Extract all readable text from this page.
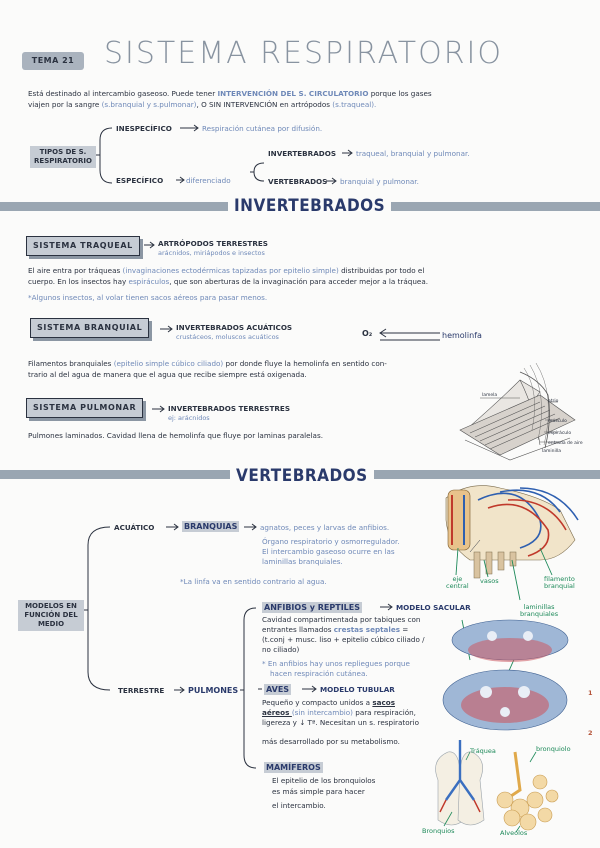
TEMA 21 SISTEMA RESPIRATORIO
Está destinado al intercambio gaseoso. Puede tener INTERVENCIÓN DEL S. CIRCULATORIO porque los gases
viajen por la sangre (s.branquial y s.pulmonar), O SIN INTERVENCIÓN en artrópodos (s.traqueal).
TIPOS DE S. RESPIRATORIO
INESPECÍFICO	Respiración cutánea por difusión.
ESPECÍFICO	diferenciado
INVERTEBRADOS	traqueal, branquial y pulmonar.
VERTEBRADOS branquial y pulmonar.
INVERTEBRADOS
SISTEMA TRAQUEAL	ARTRÓPODOS TERRESTRES
arácnidos, miriápodos e insectos
El aire entra por tráqueas (invaginaciones ectodérmicas tapizadas por epitelio simple) distribuidas por todo el
cuerpo. En los insectos hay espiráculos, que son aberturas de la invaginación para acceder mejor a la tráquea.
*Algunos insectos, al volar tienen sacos aéreos para pasar menos.
SISTEMA BRANQUIAL	INVERTEBRADOS ACUÁTICOS
crustáceos, moluscos acuáticos	O₂	hemolinfa
Filamentos branquiales (epitelio simple cúbico ciliado) por donde fluye la hemolinfa en sentido con-
trario al del agua de manera que el agua que recibe siempre está oxigenada.
SISTEMA PULMONAR	INVERTEBRADOS TERRESTRES
ej: arácnidos
Pulmones laminados. Cavidad llena de hemolinfa que fluye por laminas paralelas.
lamela
atrio
músculo
espiráculo
entrada de aire
laminilla
VERTEBRADOS
MODELOS EN FUNCIÓN DEL MEDIO
ACUÁTICO	BRANQUIAS	agnatos, peces y larvas de anfibios.
Órgano respiratorio y osmorregulador.
El intercambio gaseoso ocurre en las
laminillas branquiales.
*La linfa va en sentido contrario al agua.
TERRESTRE	PULMONES
ANFIBIOS y REPTILES	MODELO SACULAR
Cavidad compartimentada por tabiques con
entrantes llamados crestas septales =
(t.conj + musc. liso + epitelio cúbico ciliado /
no ciliado)
* En anfibios hay unos repliegues porque
hacen respiración cutánea.
AVES	MODELO TUBULAR
Pequeño y compacto unidos a sacos
aéreos (sin intercambio) para respiración,
ligereza y ↓ Tª. Necesitan un s. respiratorio
más desarrollado por su metabolismo.
MAMÍFEROS
El epitelio de los bronquiolos
es más simple para hacer
el intercambio.
eje
central
vasos	filamento
branquial
laminillas
branquiales
1
2
Tráquea	bronquiolo
Bronquios	Alveolos
